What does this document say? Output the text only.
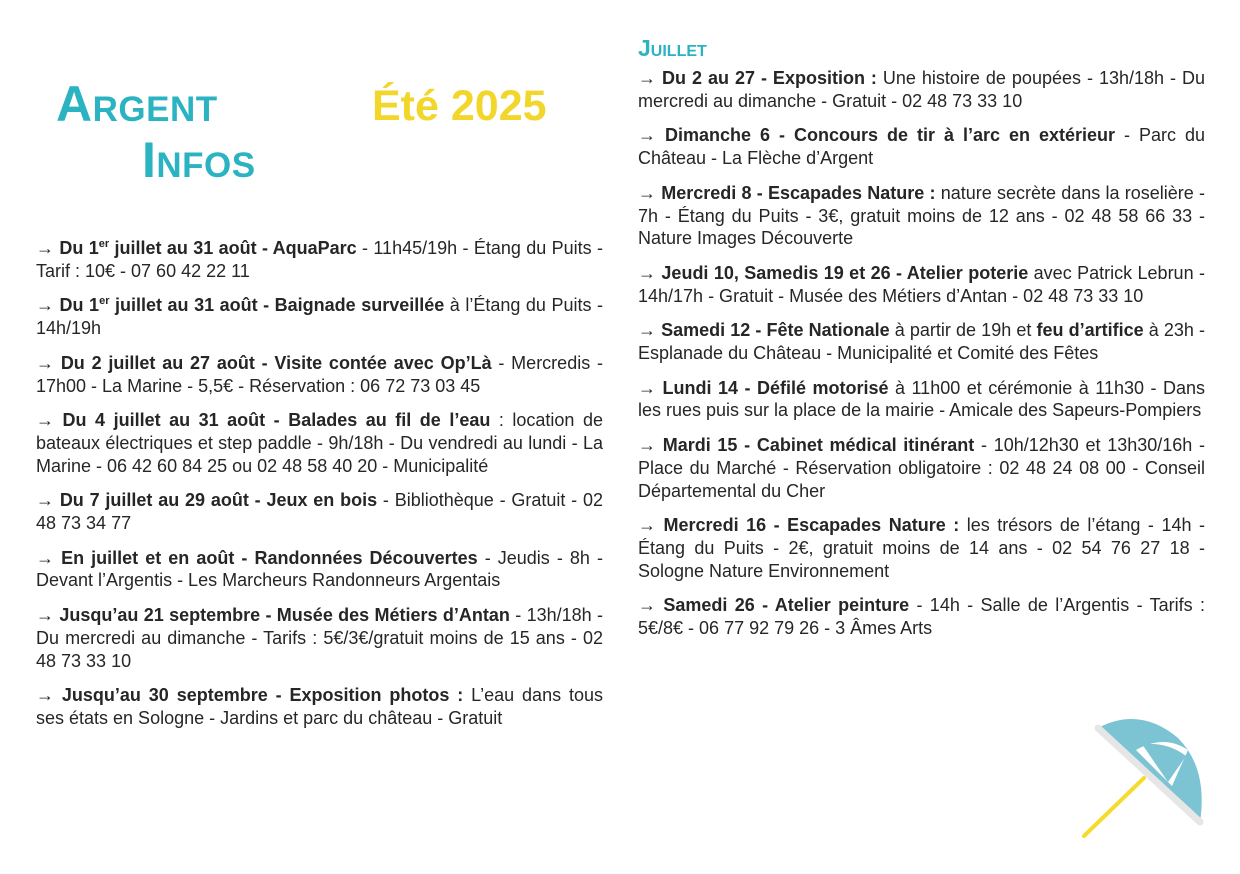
Argent
Infos
Été 2025

→ Du 1er juillet au 31 août - AquaParc - 11h45/19h - Étang du Puits - Tarif : 10€ - 07 60 42 22 11

→ Du 1er juillet au 31 août - Baignade surveillée à l’Étang du Puits - 14h/19h

→ Du 2 juillet au 27 août - Visite contée avec Op’Là - Mercredis - 17h00 - La Marine - 5,5€ - Réservation : 06 72 73 03 45

→ Du 4 juillet au 31 août - Balades au fil de l’eau : location de bateaux électriques et step paddle - 9h/18h - Du vendredi au lundi - La Marine - 06 42 60 84 25 ou 02 48 58 40 20 - Municipalité

→ Du 7 juillet au 29 août - Jeux en bois - Bibliothèque - Gratuit - 02 48 73 34 77

→ En juillet et en août - Randonnées Découvertes - Jeudis - 8h - Devant l’Argentis - Les Marcheurs Randonneurs Argentais

→ Jusqu’au 21 septembre - Musée des Métiers d’Antan - 13h/18h - Du mercredi au dimanche - Tarifs : 5€/3€/gratuit moins de 15 ans - 02 48 73 33 10

→ Jusqu’au 30 septembre - Exposition photos : L’eau dans tous ses états en Sologne - Jardins et parc du château - Gratuit

Juillet

→ Du 2 au 27 - Exposition : Une histoire de poupées - 13h/18h - Du mercredi au dimanche - Gratuit - 02 48 73 33 10

→ Dimanche 6 - Concours de tir à l’arc en extérieur - Parc du Château - La Flèche d’Argent

→ Mercredi 8 - Escapades Nature : nature secrète dans la roselière - 7h - Étang du Puits - 3€, gratuit moins de 12 ans - 02 48 58 66 33 - Nature Images Découverte

→ Jeudi 10, Samedis 19 et 26 - Atelier poterie avec Patrick Lebrun - 14h/17h - Gratuit - Musée des Métiers d’Antan - 02 48 73 33 10

→ Samedi 12 - Fête Nationale à partir de 19h et feu d’artifice à 23h - Esplanade du Château - Municipalité et Comité des Fêtes

→ Lundi 14 - Défilé motorisé à 11h00 et cérémonie à 11h30 - Dans les rues puis sur la place de la mairie - Amicale des Sapeurs-Pompiers

→ Mardi 15 - Cabinet médical itinérant - 10h/12h30 et 13h30/16h - Place du Marché - Réservation obligatoire : 02 48 24 08 00 - Conseil Départemental du Cher

→ Mercredi 16 - Escapades Nature : les trésors de l’étang - 14h - Étang du Puits - 2€, gratuit moins de 14 ans - 02 54 76 27 18 - Sologne Nature Environnement

→ Samedi 26 - Atelier peinture - 14h - Salle de l’Argentis - Tarifs : 5€/8€ - 06 77 92 79 26 - 3 Âmes Arts
